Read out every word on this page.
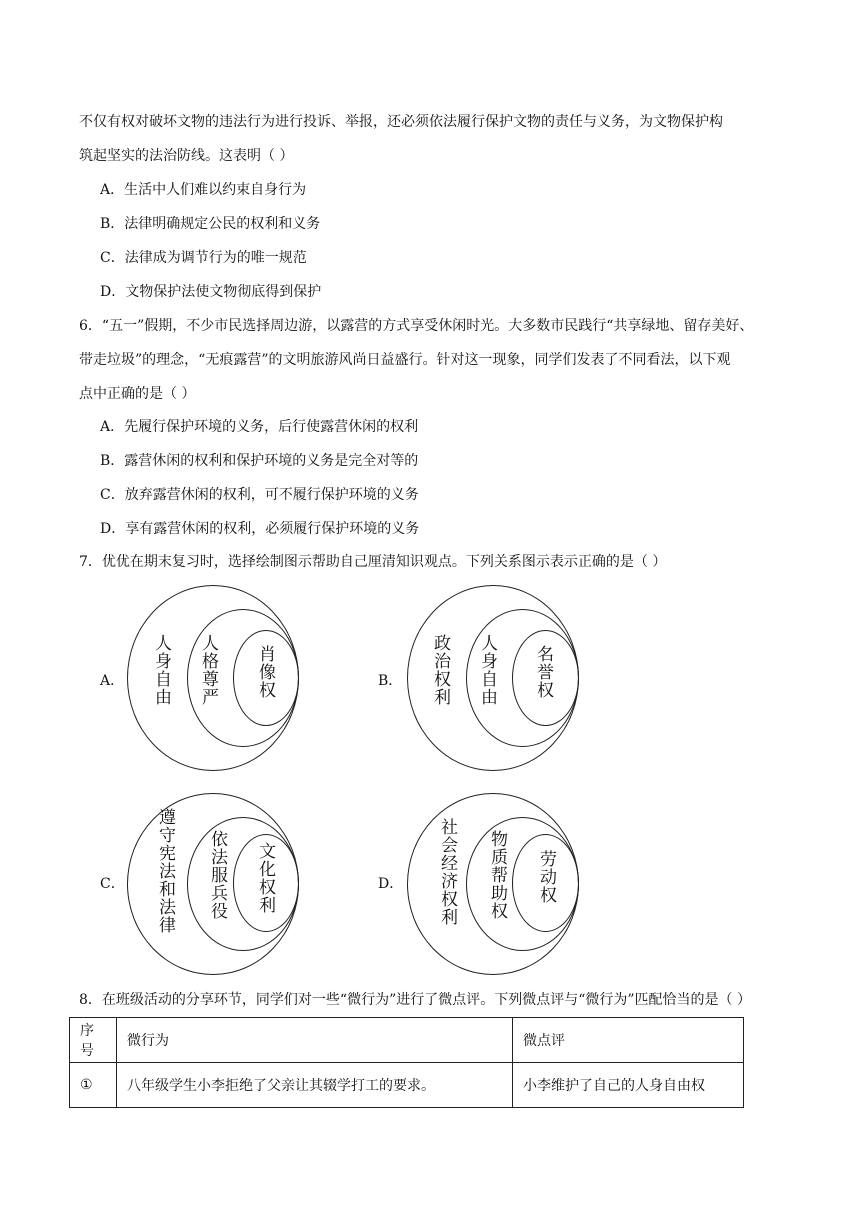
不仅有权对破坏文物的违法行为进行投诉、举报，还必须依法履行保护文物的责任与义务，为文物保护构
筑起坚实的法治防线。这表明（ ）
A．生活中人们难以约束自身行为
B．法律明确规定公民的权利和义务
C．法律成为调节行为的唯一规范
D．文物保护法使文物彻底得到保护
6．“五一”假期，不少市民选择周边游，以露营的方式享受休闲时光。大多数市民践行“共享绿地、留存美好、
带走垃圾”的理念，“无痕露营”的文明旅游风尚日益盛行。针对这一现象，同学们发表了不同看法，以下观
点中正确的是（ ）
A．先履行保护环境的义务，后行使露营休闲的权利
B．露营休闲的权利和保护环境的义务是完全对等的
C．放弃露营休闲的权利，可不履行保护环境的义务
D．享有露营休闲的权利，必须履行保护环境的义务
7．优优在期末复习时，选择绘制图示帮助自己厘清知识观点。下列关系图示表示正确的是（ ）
A． 人身自由 人格尊严 肖像权	B． 政治权利 人身自由 名誉权
C． 遵守宪法和法律 依法服兵役 文化权利	D． 社会经济权利 物质帮助权 劳动权
8．在班级活动的分享环节，同学们对一些“微行为”进行了微点评。下列微点评与“微行为”匹配恰当的是（ ）
序号	微行为	微点评
①	八年级学生小李拒绝了父亲让其辍学打工的要求。	小李维护了自己的人身自由权
